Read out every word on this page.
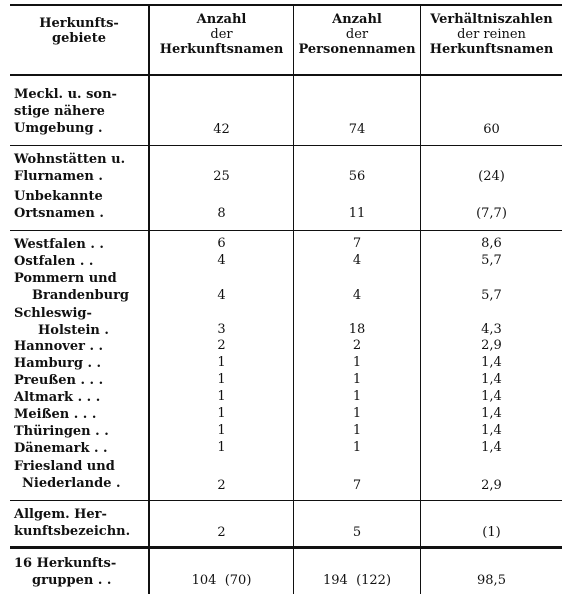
Herkunfts-
gebiete
Anzahl
der
Herkunftsnamen
Anzahl
der
Personennamen
Verhältniszahlen
der reinen
Herkunftsnamen
Meckl. u. son-
stige nähere
Umgebung .	42	74	60
Wohnstätten u.
Flurnamen .	25	56	(24)
Unbekannte
Ortsnamen .	8	11	(7,7)
Westfalen . .	6	7	8,6
Ostfalen . .	4	4	5,7
Pommern und
Brandenburg	4	4	5,7
Schleswig-
Holstein .	3	18	4,3
Hannover . .	2	2	2,9
Hamburg . .	1	1	1,4
Preußen . . .	1	1	1,4
Altmark . . .	1	1	1,4
Meißen . . .	1	1	1,4
Thüringen . .	1	1	1,4
Dänemark . .	1	1	1,4
Friesland und
Niederlande .	2	7	2,9
Allgem. Her-
kunftsbezeichn.	2	5	(1)
16 Herkunfts-
gruppen . .	104 (70)	194 (122)	98,5
